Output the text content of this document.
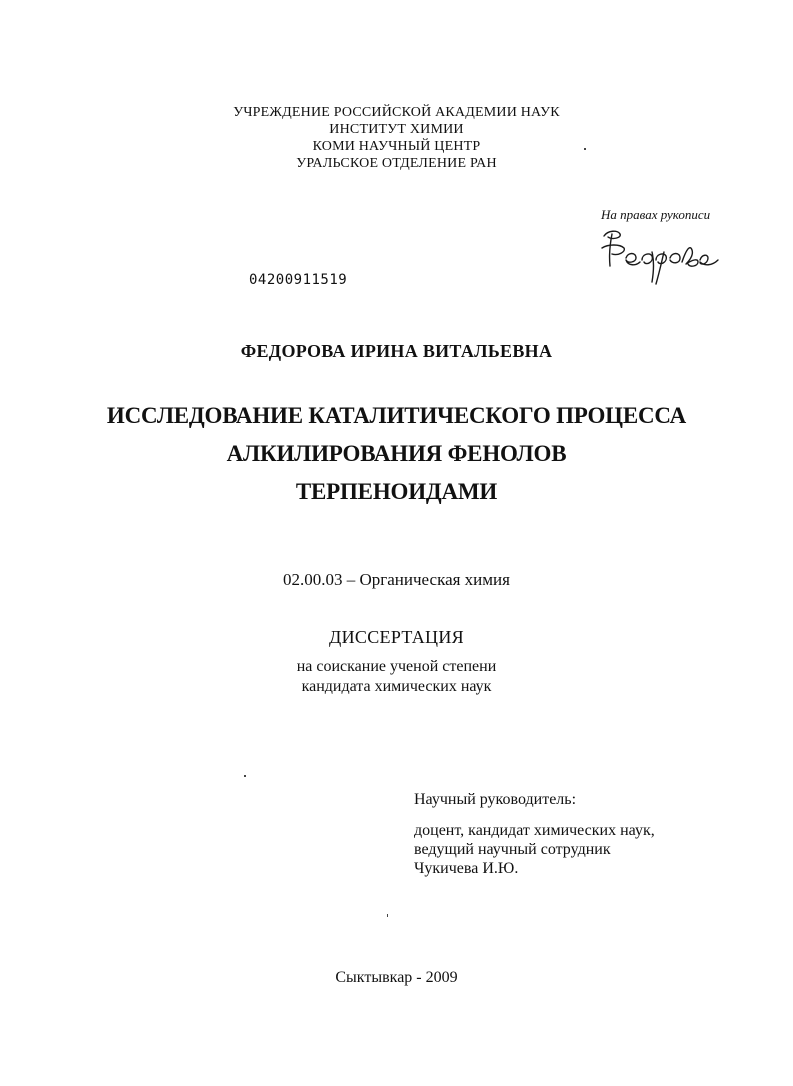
УЧРЕЖДЕНИЕ РОССИЙСКОЙ АКАДЕМИИ НАУК
ИНСТИТУТ ХИМИИ
КОМИ НАУЧНЫЙ ЦЕНТР
УРАЛЬСКОЕ ОТДЕЛЕНИЕ РАН
На правах рукописи
04200911519
ФЕДОРОВА ИРИНА ВИТАЛЬЕВНА
ИССЛЕДОВАНИЕ КАТАЛИТИЧЕСКОГО ПРОЦЕССА
АЛКИЛИРОВАНИЯ ФЕНОЛОВ
ТЕРПЕНОИДАМИ
02.00.03 – Органическая химия
ДИССЕРТАЦИЯ
на соискание ученой степени
кандидата химических наук
Научный руководитель:
доцент, кандидат химических наук,
ведущий научный сотрудник
Чукичева И.Ю.
Сыктывкар - 2009
